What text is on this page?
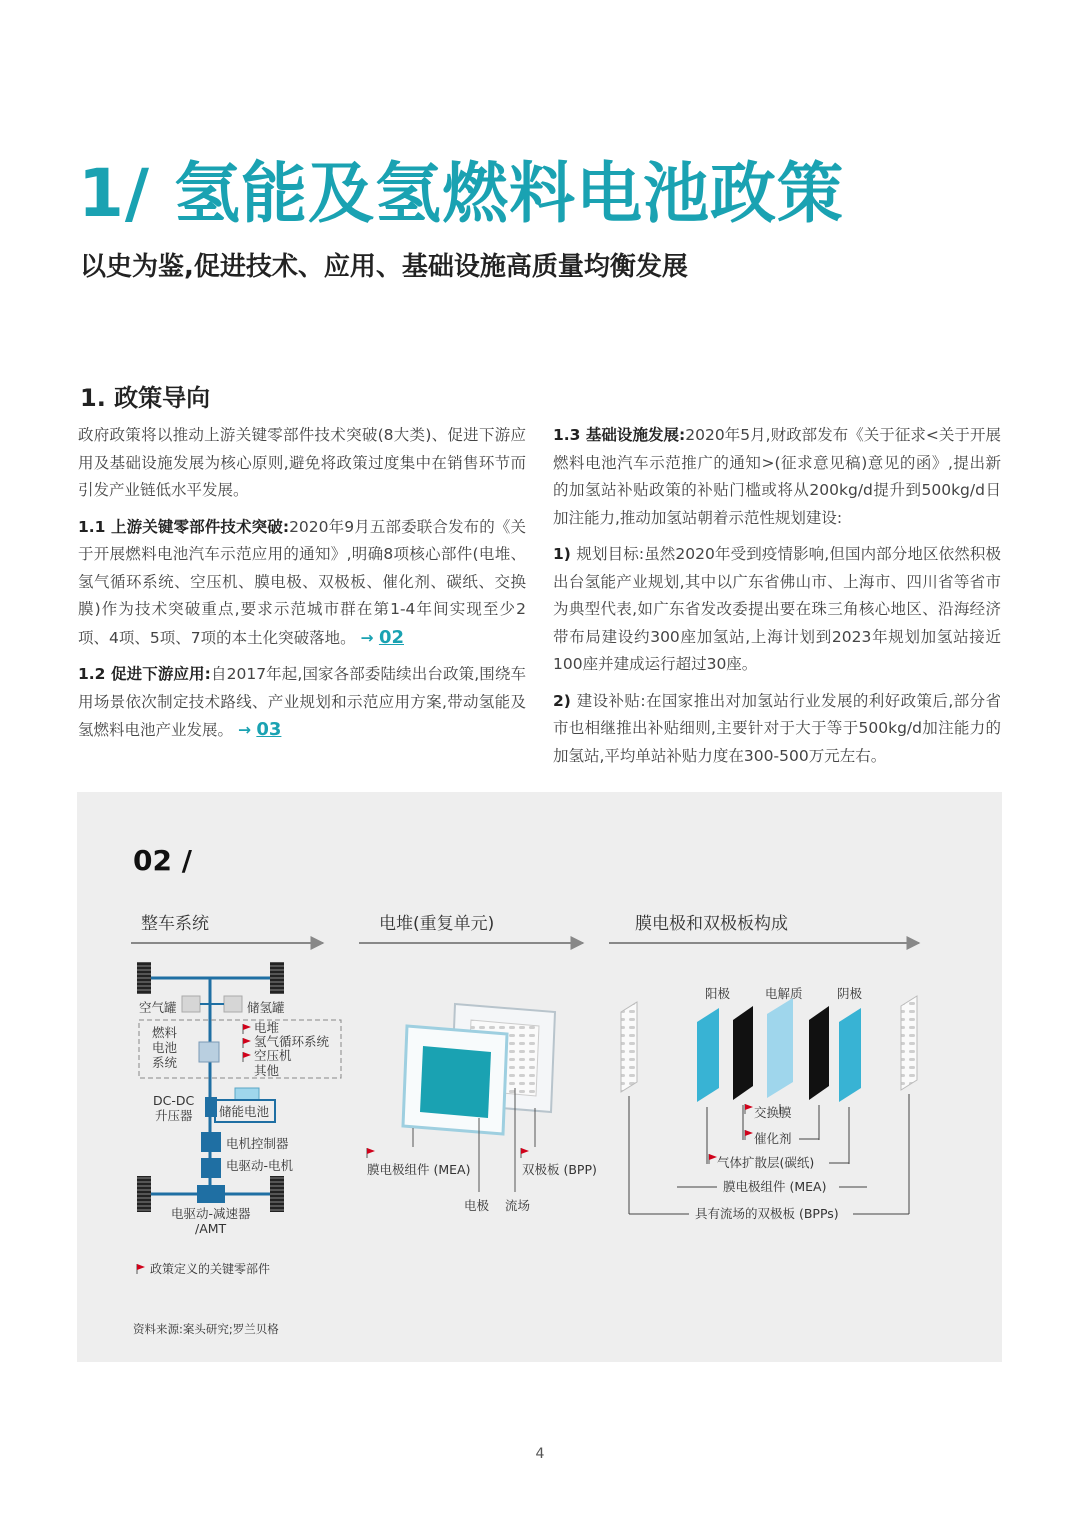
1/ 氢能及氢燃料电池政策
以史为鉴,促进技术、应用、基础设施高质量均衡发展
1. 政策导向

政府政策将以推动上游关键零部件技术突破(8大类)、促进下游应用及基础设施发展为核心原则,避免将政策过度集中在销售环节而引发产业链低水平发展。

1.1 上游关键零部件技术突破:2020年9月五部委联合发布的《关于开展燃料电池汽车示范应用的通知》,明确8项核心部件(电堆、氢气循环系统、空压机、膜电极、双极板、催化剂、碳纸、交换膜)作为技术突破重点,要求示范城市群在第1-4年间实现至少2项、4项、5项、7项的本土化突破落地。 → 02

1.2 促进下游应用:自2017年起,国家各部委陆续出台政策,围绕车用场景依次制定技术路线、产业规划和示范应用方案,带动氢能及氢燃料电池产业发展。 → 03

1.3 基础设施发展:2020年5月,财政部发布《关于征求<关于开展燃料电池汽车示范推广的通知>(征求意见稿)意见的函》,提出新的加氢站补贴政策的补贴门槛或将从200kg/d提升到500kg/d日加注能力,推动加氢站朝着示范性规划建设:

1) 规划目标:虽然2020年受到疫情影响,但国内部分地区依然积极出台氢能产业规划,其中以广东省佛山市、上海市、四川省等省市为典型代表,如广东省发改委提出要在珠三角核心地区、沿海经济带布局建设约300座加氢站,上海计划到2023年规划加氢站接近100座并建成运行超过30座。

2) 建设补贴:在国家推出对加氢站行业发展的利好政策后,部分省市也相继推出补贴细则,主要针对于大于等于500kg/d加注能力的加氢站,平均单站补贴力度在300-500万元左右。

02 /
整车系统	电堆(重复单元)	膜电极和双极板构成
空气罐	储氢罐
燃料
电池
系统
电堆
氢气循环系统
空压机
其他
DC-DC
升压器 储能电池
电机控制器
电驱动-电机
电驱动-减速器
/AMT
膜电极组件 (MEA)	双极板 (BPP)
电极 流场
阳极	电解质	阴极
交换膜
催化剂
气体扩散层(碳纸)
膜电极组件 (MEA)
具有流场的双极板 (BPPs)
政策定义的关键零部件
资料来源:案头研究;罗兰贝格
4
